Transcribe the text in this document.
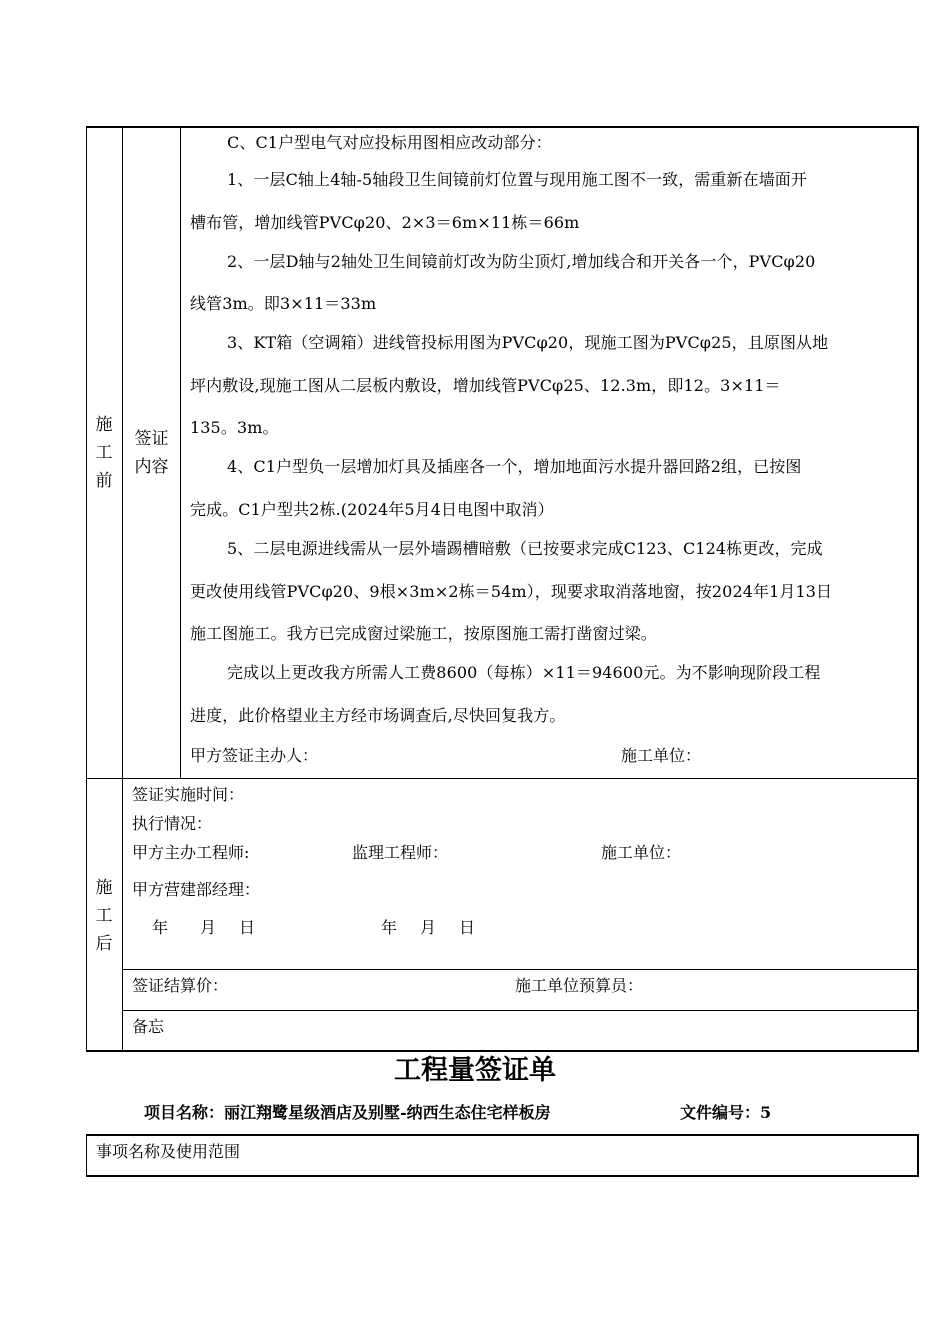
施
工
前
签证
内容
C、C1户型电气对应投标用图相应改动部分：
1、一层C轴上4轴-5轴段卫生间镜前灯位置与现用施工图不一致，需重新在墙面开
槽布管，增加线管PVCφ20、2×3＝6m×11栋＝66m
2、一层D轴与2轴处卫生间镜前灯改为防尘顶灯,增加线合和开关各一个，PVCφ20
线管3m。即3×11＝33m
3、KT箱（空调箱）进线管投标用图为PVCφ20，现施工图为PVCφ25，且原图从地
坪内敷设,现施工图从二层板内敷设，增加线管PVCφ25、12.3m，即12。3×11＝
135。3m。
4、C1户型负一层增加灯具及插座各一个，增加地面污水提升器回路2组，已按图
完成。C1户型共2栋.(2024年5月4日电图中取消）
5、二层电源进线需从一层外墙踢槽暗敷（已按要求完成C123、C124栋更改，完成
更改使用线管PVCφ20、9根×3m×2栋＝54m），现要求取消落地窗，按2024年1月13日
施工图施工。我方已完成窗过梁施工，按原图施工需打凿窗过梁。
完成以上更改我方所需人工费8600（每栋）×11＝94600元。为不影响现阶段工程
进度，此价格望业主方经市场调查后,尽快回复我方。
甲方签证主办人：	施工单位：
施
工
后
签证实施时间：
执行情况：
甲方主办工程师:	监理工程师：	施工单位：
甲方营建部经理：
年 月 日	年 月 日
签证结算价：	施工单位预算员：
备忘
工程量签证单
项目名称：丽江翔鹭星级酒店及别墅-纳西生态住宅样板房	文件编号：5
事项名称及使用范围
